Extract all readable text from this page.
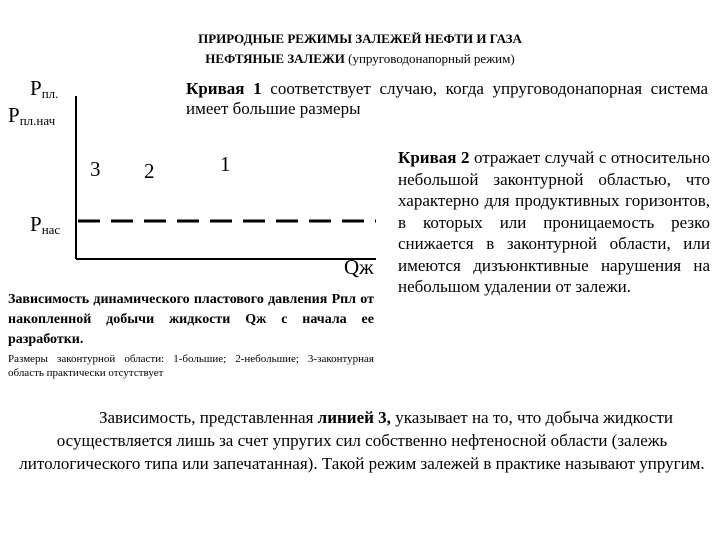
ПРИРОДНЫЕ РЕЖИМЫ ЗАЛЕЖЕЙ НЕФТИ И ГАЗА
НЕФТЯНЫЕ ЗАЛЕЖИ (упруговодонапорный режим)
$Р_{пл.}$
$Р_{пл.нач}$
$Р_{нас}$
Qж
3 2	1
Кривая 1 соответствует случаю, когда упруговодонапорная система имеет большие размеры
Кривая 2 отражает случай с относительно небольшой законтурной областью, что характерно для продуктивных горизонтов, в которых или проницаемость резко снижается в законтурной области, или имеются дизъюнктивные нарушения на небольшом удалении от залежи.
Зависимость динамического пластового давления Рпл от накопленной добычи жидкости Qж с начала ее разработки.
Размеры законтурной области: 1-большие; 2-небольшие; 3-законтурная область практически отсутствует
Зависимость, представленная линией 3, указывает на то, что добыча жидкости осуществляется лишь за счет упругих сил собственно нефтеносной области (залежь литологического типа или запечатанная). Такой режим залежей в практике называют упругим.
